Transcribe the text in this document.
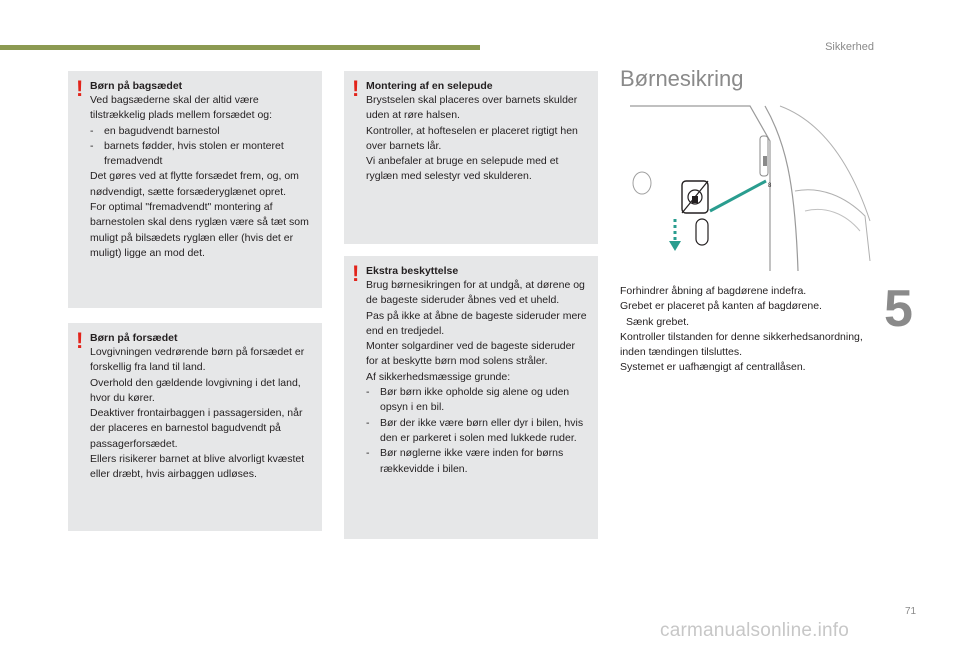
Sikkerhed
! Børn på bagsædet

Ved bagsæderne skal der altid være tilstrækkelig plads mellem forsædet og:

- en bagudvendt barnestol
- barnets fødder, hvis stolen er monteret fremadvendt

Det gøres ved at flytte forsædet frem, og, om nødvendigt, sætte forsæderyglænet opret.

For optimal "fremadvendt" montering af barnestolen skal dens ryglæn være så tæt som muligt på bilsædets ryglæn eller (hvis det er muligt) ligge an mod det.

! Børn på forsædet

Lovgivningen vedrørende børn på forsædet er forskellig fra land til land.

Overhold den gældende lovgivning i det land, hvor du kører.

Deaktiver frontairbaggen i passagersiden, når der placeres en barnestol bagudvendt på passagerforsædet.

Ellers risikerer barnet at blive alvorligt kvæstet eller dræbt, hvis airbaggen udløses.

! Montering af en selepude

Brystselen skal placeres over barnets skulder uden at røre halsen.

Kontroller, at hofteselen er placeret rigtigt hen over barnets lår.

Vi anbefaler at bruge en selepude med et ryglæn med selestyr ved skulderen.

! Ekstra beskyttelse

Brug børnesikringen for at undgå, at dørene og de bageste sideruder åbnes ved et uheld.

Pas på ikke at åbne de bageste sideruder mere end en tredjedel.

Monter solgardiner ved de bageste sideruder for at beskytte børn mod solens stråler.

Af sikkerhedsmæssige grunde:

- Bør børn ikke opholde sig alene og uden opsyn i en bil.
- Bør der ikke være børn eller dyr i bilen, hvis den er parkeret i solen med lukkede ruder.
- Bør nøglerne ikke være inden for børns rækkevidde i bilen.
Børnesikring
8

Forhindrer åbning af bagdørene indefra.

Grebet er placeret på kanten af bagdørene.

Sænk grebet.

Kontroller tilstanden for denne sikkerhedsanordning, inden tændingen tilsluttes.

Systemet er uafhængigt af centrallåsen.

5
71
carmanualsonline.info
